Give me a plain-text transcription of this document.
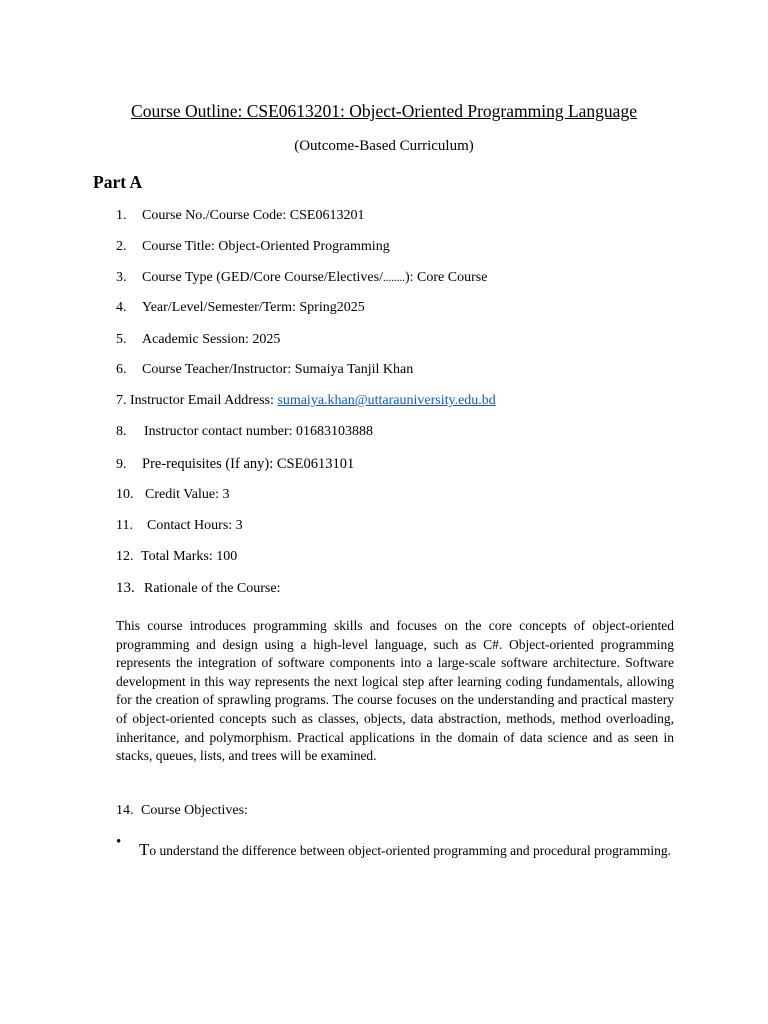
Course Outline: CSE0613201: Object-Oriented Programming Language
(Outcome-Based Curriculum)
Part A
1. Course No./Course Code: CSE0613201
2. Course Title: Object-Oriented Programming
3. Course Type (GED/Core Course/Electives/........): Core Course
4. Year/Level/Semester/Term: Spring2025
5. Academic Session: 2025
6. Course Teacher/Instructor: Sumaiya Tanjil Khan
7. Instructor Email Address: sumaiya.khan@uttarauniversity.edu.bd
8. Instructor contact number: 01683103888
9. Pre-requisites (If any): CSE0613101
10. Credit Value: 3
11. Contact Hours: 3
12. Total Marks: 100
13. Rationale of the Course:
This course introduces programming skills and focuses on the core concepts of object-oriented programming and design using a high-level language, such as C#. Object-oriented programming represents the integration of software components into a large-scale software architecture. Software development in this way represents the next logical step after learning coding fundamentals, allowing for the creation of sprawling programs. The course focuses on the understanding and practical mastery of object-oriented concepts such as classes, objects, data abstraction, methods, method overloading, inheritance, and polymorphism. Practical applications in the domain of data science and as seen in stacks, queues, lists, and trees will be examined.
14. Course Objectives:
• To understand the difference between object-oriented programming and procedural programming.
